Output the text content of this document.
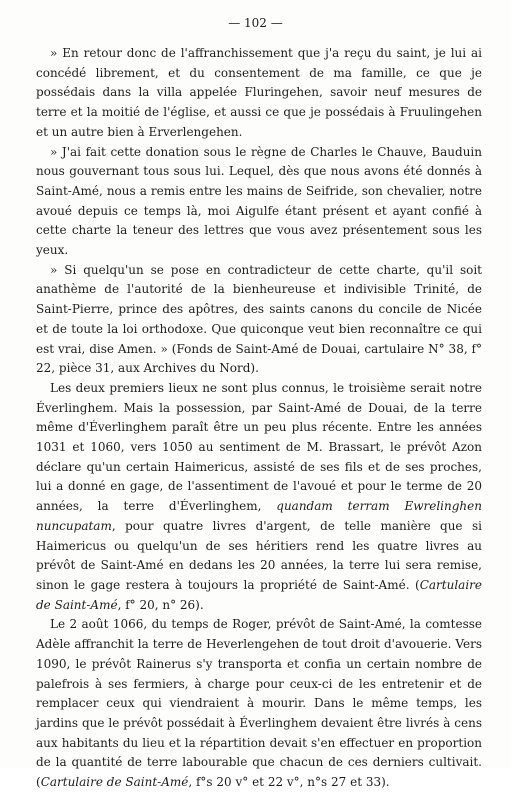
— 102 —

» En retour donc de l'affranchissement que j'a reçu du saint, je lui ai concédé librement, et du consentement de ma famille, ce que je possédais dans la villa appelée Fluringehen, savoir neuf mesures de terre et la moitié de l'église, et aussi ce que je possédais à Fruulingehen et un autre bien à Erverlengehen.

» J'ai fait cette donation sous le règne de Charles le Chauve, Bauduin nous gouvernant tous sous lui. Lequel, dès que nous avons été donnés à Saint-Amé, nous a remis entre les mains de Seifride, son chevalier, notre avoué depuis ce temps là, moi Aigulfe étant présent et ayant confié à cette charte la teneur des lettres que vous avez présentement sous les yeux.

» Si quelqu'un se pose en contradicteur de cette charte, qu'il soit anathème de l'autorité de la bienheureuse et indivisible Trinité, de Saint-Pierre, prince des apôtres, des saints canons du concile de Nicée et de toute la loi orthodoxe. Que quiconque veut bien reconnaître ce qui est vrai, dise Amen. » (Fonds de Saint-Amé de Douai, cartulaire N° 38, f° 22, pièce 31, aux Archives du Nord).

Les deux premiers lieux ne sont plus connus, le troisième serait notre Éverlinghem. Mais la possession, par Saint-Amé de Douai, de la terre même d'Éverlinghem paraît être un peu plus récente. Entre les années 1031 et 1060, vers 1050 au sentiment de M. Brassart, le prévôt Azon déclare qu'un certain Haimericus, assisté de ses fils et de ses proches, lui a donné en gage, de l'assentiment de l'avoué et pour le terme de 20 années, la terre d'Éverlinghem, quandam terram Ewrelinghen nuncupatam, pour quatre livres d'argent, de telle manière que si Haimericus ou quelqu'un de ses héritiers rend les quatre livres au prévôt de Saint-Amé en dedans les 20 années, la terre lui sera remise, sinon le gage restera à toujours la propriété de Saint-Amé. (Cartulaire de Saint-Amé, f° 20, n° 26).

Le 2 août 1066, du temps de Roger, prévôt de Saint-Amé, la comtesse Adèle affranchit la terre de Heverlengehen de tout droit d'avouerie. Vers 1090, le prévôt Rainerus s'y transporta et confia un certain nombre de palefrois à ses fermiers, à charge pour ceux-ci de les entretenir et de remplacer ceux qui viendraient à mourir. Dans le même temps, les jardins que le prévôt possédait à Éverlinghem devaient être livrés à cens aux habitants du lieu et la répartition devait s'en effectuer en proportion de la quantité de terre labourable que chacun de ces derniers cultivait. (Cartulaire de Saint-Amé, f°s 20 v° et 22 v°, n°s 27 et 33).
